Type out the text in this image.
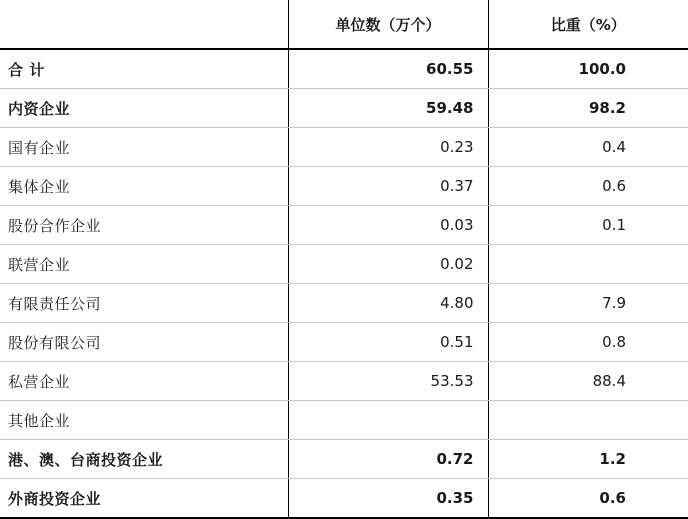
	单位数（万个）	比重（%）
合 计	60.55	100.0
内资企业	59.48	98.2
国有企业	0.23	0.4
集体企业	0.37	0.6
股份合作企业	0.03	0.1
联营企业	0.02	
有限责任公司	4.80	7.9
股份有限公司	0.51	0.8
私营企业	53.53	88.4
其他企业		
港、澳、台商投资企业	0.72	1.2
外商投资企业	0.35	0.6
